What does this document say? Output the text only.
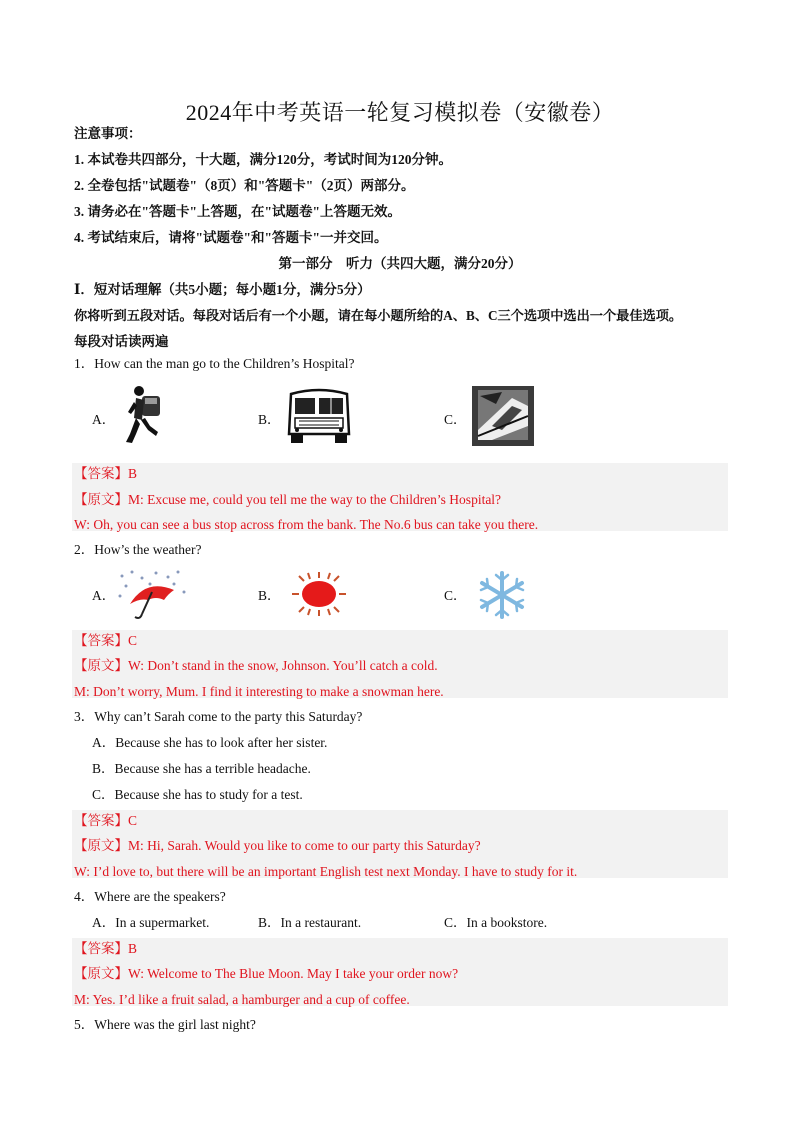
2024年中考英语一轮复习模拟卷（安徽卷）
注意事项：
1. 本试卷共四部分，十大题，满分120分，考试时间为120分钟。
2. 全卷包括"试题卷"（8页）和"答题卡"（2页）两部分。
3. 请务必在"答题卡"上答题，在"试题卷"上答题无效。
4. 考试结束后，请将"试题卷"和"答题卡"一并交回。
第一部分　听力（共四大题，满分20分）
Ⅰ．短对话理解（共5小题；每小题1分，满分5分）
你将听到五段对话。每段对话后有一个小题，请在每小题所给的A、B、C三个选项中选出一个最佳选项。
每段对话读两遍
1．How can the man go to the Children’s Hospital?
A．	B．	C．
【答案】B
【原文】M: Excuse me, could you tell me the way to the Children’s Hospital?
W: Oh, you can see a bus stop across from the bank. The No.6 bus can take you there.
2．How’s the weather?
A．	B．	C．
【答案】C
【原文】W: Don’t stand in the snow, Johnson. You’ll catch a cold.
M: Don’t worry, Mum. I find it interesting to make a snowman here.
3．Why can’t Sarah come to the party this Saturday?
A．Because she has to look after her sister.
B．Because she has a terrible headache.
C．Because she has to study for a test.
【答案】C
【原文】M: Hi, Sarah. Would you like to come to our party this Saturday?
W: I’d love to, but there will be an important English test next Monday. I have to study for it.
4．Where are the speakers?
A．In a supermarket.	B．In a restaurant.	C．In a bookstore.
【答案】B
【原文】W: Welcome to The Blue Moon. May I take your order now?
M: Yes. I’d like a fruit salad, a hamburger and a cup of coffee.
5．Where was the girl last night?
